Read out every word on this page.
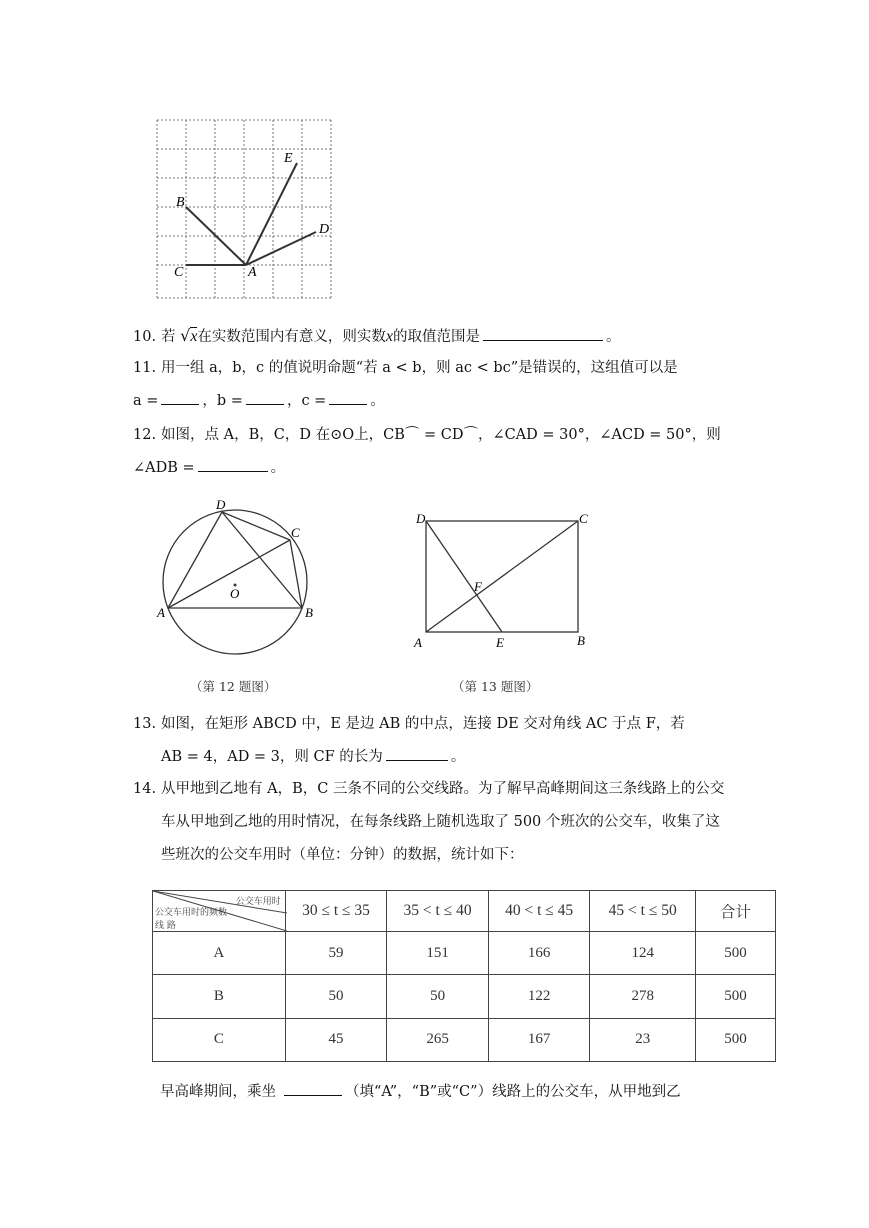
B
E
D
C	A
10. 若 √x在实数范围内有意义，则实数x的取值范围是	。
11. 用一组 a，b，c 的值说明命题“若 a < b，则 ac < bc”是错误的，这组值可以是
a =	，b =	，c =	。
12. 如图，点 A，B，C，D 在⊙O上，CB⌒ = CD⌒，∠CAD = 30°，∠ACD = 50°，则
∠ADB =	。
D
C
O
A	B
D	C
F
A	E	B
（第 12 题图）	（第 13 题图）
13. 如图，在矩形 ABCD 中，E 是边 AB 的中点，连接 DE 交对角线 AC 于点 F，若
AB = 4，AD = 3，则 CF 的长为	。
14. 从甲地到乙地有 A，B，C 三条不同的公交线路。为了解早高峰期间这三条线路上的公交
车从甲地到乙地的用时情况，在每条线路上随机选取了 500 个班次的公交车，收集了这
些班次的公交车用时（单位：分钟）的数据，统计如下：
公交车用时
公交车用时的频数
线 路	30 ≤ t ≤ 35	35 < t ≤ 40	40 < t ≤ 45	45 < t ≤ 50	合计
A	59	151	166	124	500
B	50	50	122	278	500
C	45	265	167	23	500
早高峰期间，乘坐	（填“A”，“B”或“C”）线路上的公交车，从甲地到乙
